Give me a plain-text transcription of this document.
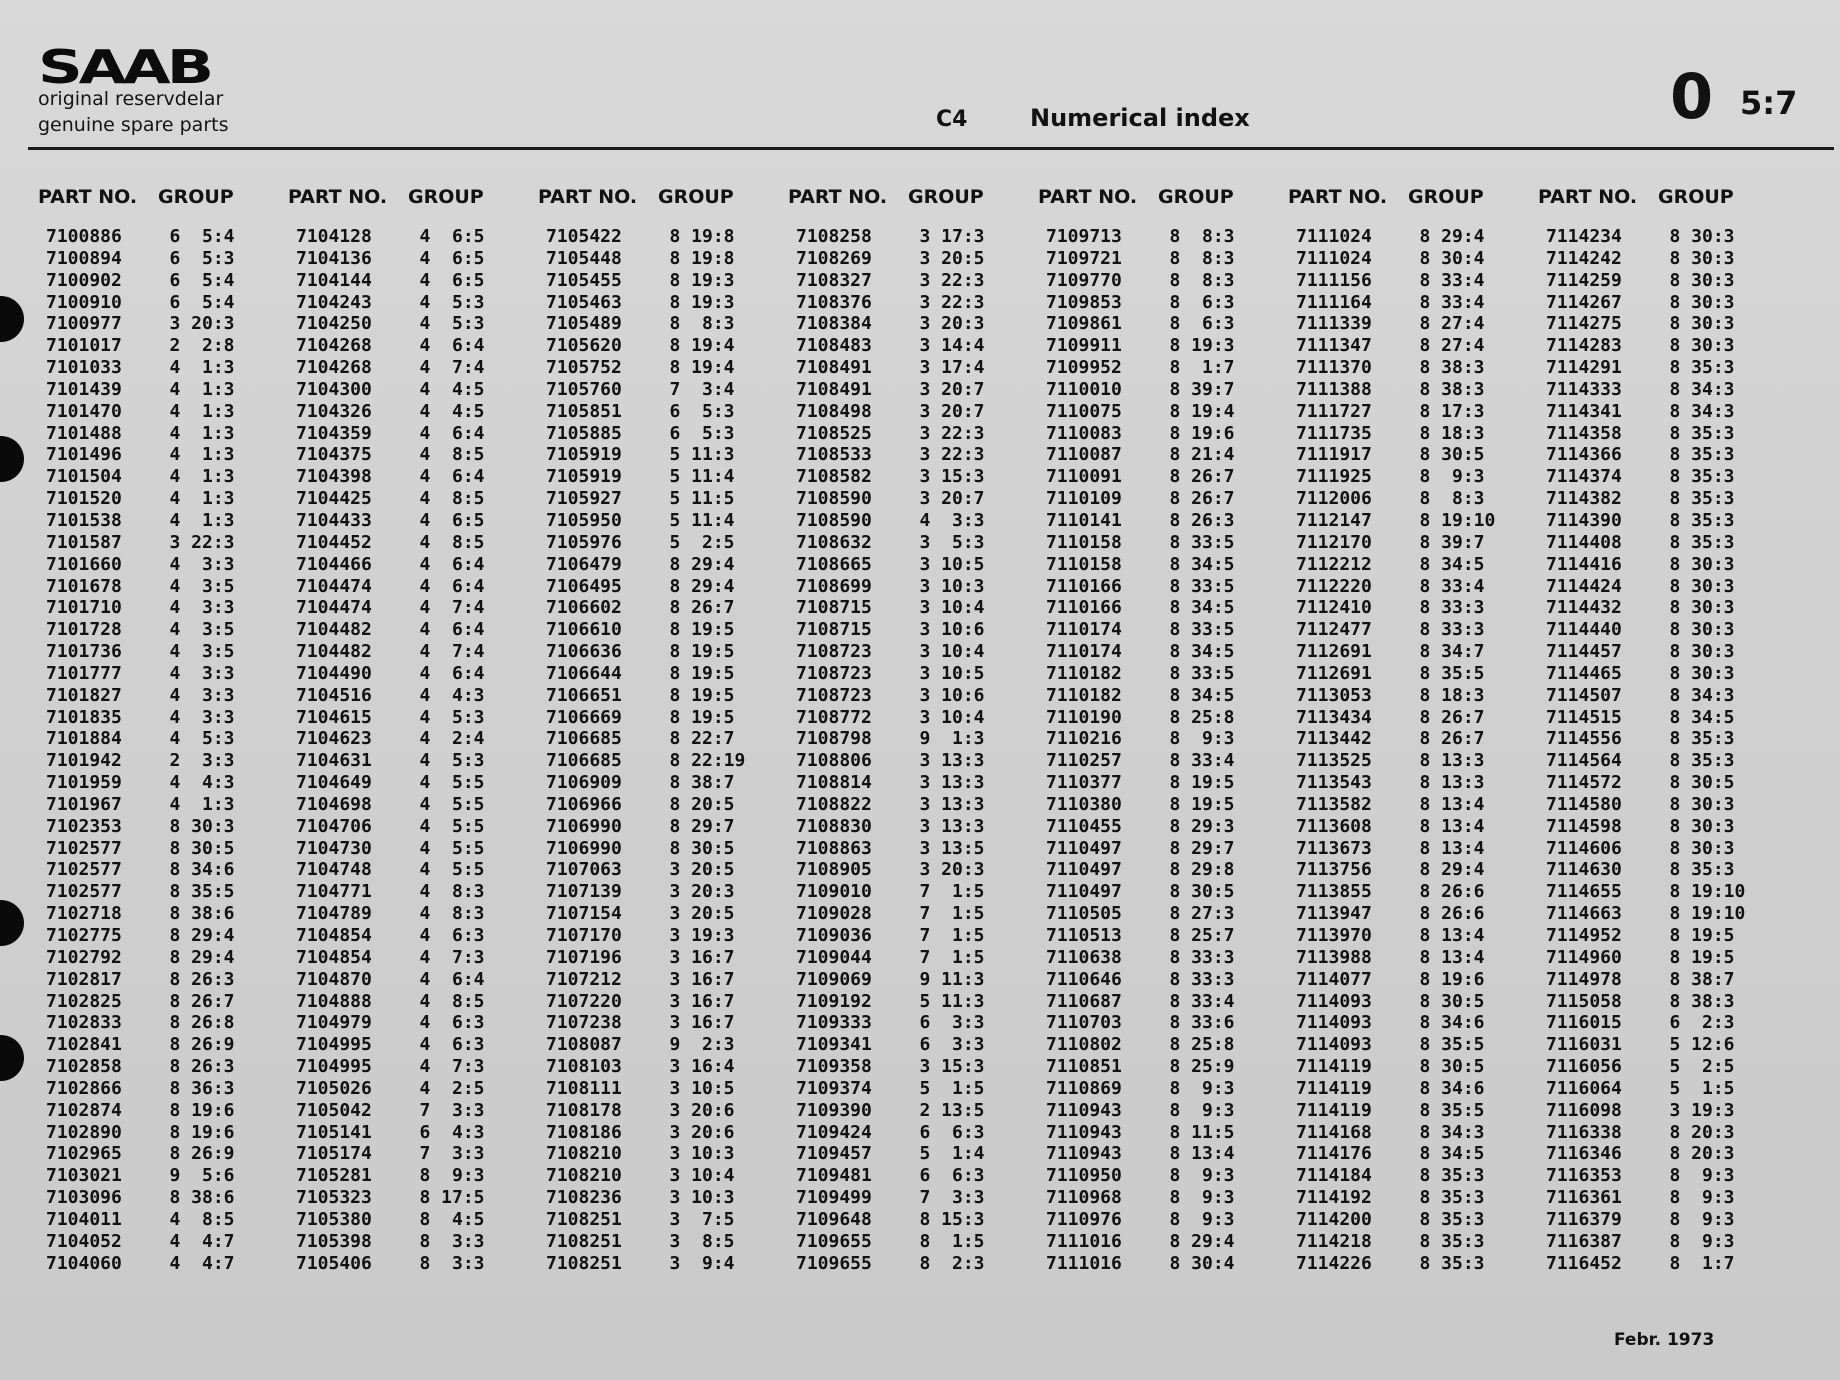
SAAB
original reservdelar
genuine spare parts	C4	Numerical index	0 5:7
PART NO.	GROUP
7100886	6  5:4
7100894	6  5:3
7100902	6  5:4
7100910	6  5:4
7100977	3 20:3
7101017	2  2:8
7101033	4  1:3
7101439	4  1:3
7101470	4  1:3
7101488	4  1:3
7101496	4  1:3
7101504	4  1:3
7101520	4  1:3
7101538	4  1:3
7101587	3 22:3
7101660	4  3:3
7101678	4  3:5
7101710	4  3:3
7101728	4  3:5
7101736	4  3:5
7101777	4  3:3
7101827	4  3:3
7101835	4  3:3
7101884	4  5:3
7101942	2  3:3
7101959	4  4:3
7101967	4  1:3
7102353	8 30:3
7102577	8 30:5
7102577	8 34:6
7102577	8 35:5
7102718	8 38:6
7102775	8 29:4
7102792	8 29:4
7102817	8 26:3
7102825	8 26:7
7102833	8 26:8
7102841	8 26:9
7102858	8 26:3
7102866	8 36:3
7102874	8 19:6
7102890	8 19:6
7102965	8 26:9
7103021	9  5:6
7103096	8 38:6
7104011	4  8:5
7104052	4  4:7
7104060	4  4:7
PART NO.	GROUP
7104128	4  6:5
7104136	4  6:5
7104144	4  6:5
7104243	4  5:3
7104250	4  5:3
7104268	4  6:4
7104268	4  7:4
7104300	4  4:5
7104326	4  4:5
7104359	4  6:4
7104375	4  8:5
7104398	4  6:4
7104425	4  8:5
7104433	4  6:5
7104452	4  8:5
7104466	4  6:4
7104474	4  6:4
7104474	4  7:4
7104482	4  6:4
7104482	4  7:4
7104490	4  6:4
7104516	4  4:3
7104615	4  5:3
7104623	4  2:4
7104631	4  5:3
7104649	4  5:5
7104698	4  5:5
7104706	4  5:5
7104730	4  5:5
7104748	4  5:5
7104771	4  8:3
7104789	4  8:3
7104854	4  6:3
7104854	4  7:3
7104870	4  6:4
7104888	4  8:5
7104979	4  6:3
7104995	4  6:3
7104995	4  7:3
7105026	4  2:5
7105042	7  3:3
7105141	6  4:3
7105174	7  3:3
7105281	8  9:3
7105323	8 17:5
7105380	8  4:5
7105398	8  3:3
7105406	8  3:3
PART NO.	GROUP
7105422	8 19:8
7105448	8 19:8
7105455	8 19:3
7105463	8 19:3
7105489	8  8:3
7105620	8 19:4
7105752	8 19:4
7105760	7  3:4
7105851	6  5:3
7105885	6  5:3
7105919	5 11:3
7105919	5 11:4
7105927	5 11:5
7105950	5 11:4
7105976	5  2:5
7106479	8 29:4
7106495	8 29:4
7106602	8 26:7
7106610	8 19:5
7106636	8 19:5
7106644	8 19:5
7106651	8 19:5
7106669	8 19:5
7106685	8 22:7
7106685	8 22:19
7106909	8 38:7
7106966	8 20:5
7106990	8 29:7
7106990	8 30:5
7107063	3 20:5
7107139	3 20:3
7107154	3 20:5
7107170	3 19:3
7107196	3 16:7
7107212	3 16:7
7107220	3 16:7
7107238	3 16:7
7108087	9  2:3
7108103	3 16:4
7108111	3 10:5
7108178	3 20:6
7108186	3 20:6
7108210	3 10:3
7108210	3 10:4
7108236	3 10:3
7108251	3  7:5
7108251	3  8:5
7108251	3  9:4
PART NO.	GROUP
7108258	3 17:3
7108269	3 20:5
7108327	3 22:3
7108376	3 22:3
7108384	3 20:3
7108483	3 14:4
7108491	3 17:4
7108491	3 20:7
7108498	3 20:7
7108525	3 22:3
7108533	3 22:3
7108582	3 15:3
7108590	3 20:7
7108590	4  3:3
7108632	3  5:3
7108665	3 10:5
7108699	3 10:3
7108715	3 10:4
7108715	3 10:6
7108723	3 10:4
7108723	3 10:5
7108723	3 10:6
7108772	3 10:4
7108798	9  1:3
7108806	3 13:3
7108814	3 13:3
7108822	3 13:3
7108830	3 13:3
7108863	3 13:5
7108905	3 20:3
7109010	7  1:5
7109028	7  1:5
7109036	7  1:5
7109044	7  1:5
7109069	9 11:3
7109192	5 11:3
7109333	6  3:3
7109341	6  3:3
7109358	3 15:3
7109374	5  1:5
7109390	2 13:5
7109424	6  6:3
7109457	5  1:4
7109481	6  6:3
7109499	7  3:3
7109648	8 15:3
7109655	8  1:5
7109655	8  2:3
PART NO.	GROUP
7109713	8  8:3
7109721	8  8:3
7109770	8  8:3
7109853	8  6:3
7109861	8  6:3
7109911	8 19:3
7109952	8  1:7
7110010	8 39:7
7110075	8 19:4
7110083	8 19:6
7110087	8 21:4
7110091	8 26:7
7110109	8 26:7
7110141	8 26:3
7110158	8 33:5
7110158	8 34:5
7110166	8 33:5
7110166	8 34:5
7110174	8 33:5
7110174	8 34:5
7110182	8 33:5
7110182	8 34:5
7110190	8 25:8
7110216	8  9:3
7110257	8 33:4
7110377	8 19:5
7110380	8 19:5
7110455	8 29:3
7110497	8 29:7
7110497	8 29:8
7110497	8 30:5
7110505	8 27:3
7110513	8 25:7
7110638	8 33:3
7110646	8 33:3
7110687	8 33:4
7110703	8 33:6
7110802	8 25:8
7110851	8 25:9
7110869	8  9:3
7110943	8  9:3
7110943	8 11:5
7110943	8 13:4
7110950	8  9:3
7110968	8  9:3
7110976	8  9:3
7111016	8 29:4
7111016	8 30:4
PART NO.	GROUP
7111024	8 29:4
7111024	8 30:4
7111156	8 33:4
7111164	8 33:4
7111339	8 27:4
7111347	8 27:4
7111370	8 38:3
7111388	8 38:3
7111727	8 17:3
7111735	8 18:3
7111917	8 30:5
7111925	8  9:3
7112006	8  8:3
7112147	8 19:10
7112170	8 39:7
7112212	8 34:5
7112220	8 33:4
7112410	8 33:3
7112477	8 33:3
7112691	8 34:7
7112691	8 35:5
7113053	8 18:3
7113434	8 26:7
7113442	8 26:7
7113525	8 13:3
7113543	8 13:3
7113582	8 13:4
7113608	8 13:4
7113673	8 13:4
7113756	8 29:4
7113855	8 26:6
7113947	8 26:6
7113970	8 13:4
7113988	8 13:4
7114077	8 19:6
7114093	8 30:5
7114093	8 34:6
7114093	8 35:5
7114119	8 30:5
7114119	8 34:6
7114119	8 35:5
7114168	8 34:3
7114176	8 34:5
7114184	8 35:3
7114192	8 35:3
7114200	8 35:3
7114218	8 35:3
7114226	8 35:3
PART NO.	GROUP
7114234	8 30:3
7114242	8 30:3
7114259	8 30:3
7114267	8 30:3
7114275	8 30:3
7114283	8 30:3
7114291	8 35:3
7114333	8 34:3
7114341	8 34:3
7114358	8 35:3
7114366	8 35:3
7114374	8 35:3
7114382	8 35:3
7114390	8 35:3
7114408	8 35:3
7114416	8 30:3
7114424	8 30:3
7114432	8 30:3
7114440	8 30:3
7114457	8 30:3
7114465	8 30:3
7114507	8 34:3
7114515	8 34:5
7114556	8 35:3
7114564	8 35:3
7114572	8 30:5
7114580	8 30:3
7114598	8 30:3
7114606	8 30:3
7114630	8 35:3
7114655	8 19:10
7114663	8 19:10
7114952	8 19:5
7114960	8 19:5
7114978	8 38:7
7115058	8 38:3
7116015	6  2:3
7116031	5 12:6
7116056	5  2:5
7116064	5  1:5
7116098	3 19:3
7116338	8 20:3
7116346	8 20:3
7116353	8  9:3
7116361	8  9:3
7116379	8  9:3
7116387	8  9:3
7116452	8  1:7
Febr. 1973
